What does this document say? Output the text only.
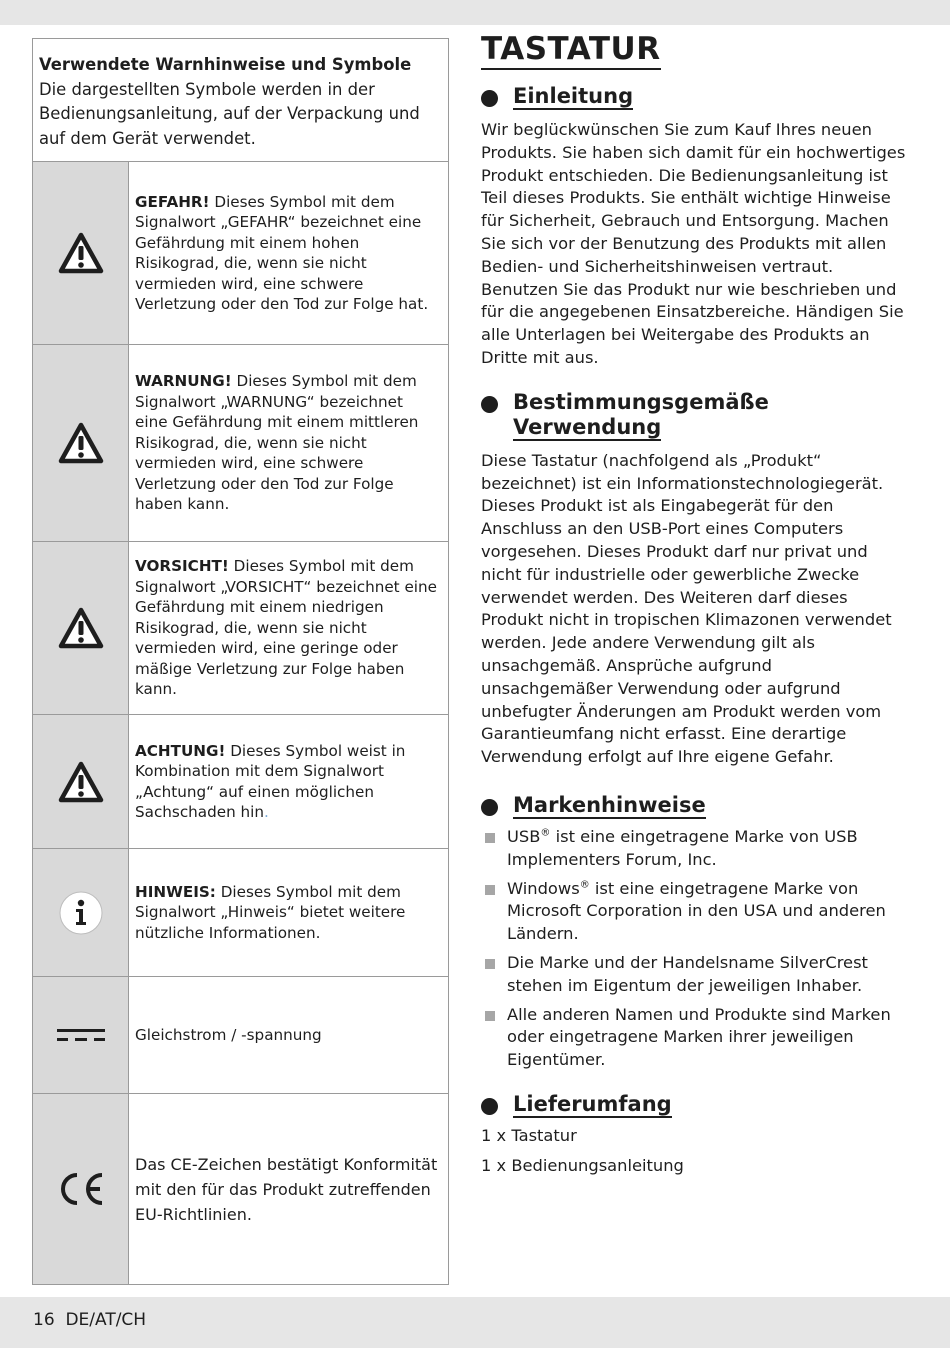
Verwendete Warnhinweise und Symbole
Die dargestellten Symbole werden in der Bedienungsanleitung, auf der Verpackung und auf dem Gerät verwendet.
GEFAHR! Dieses Symbol mit dem Signalwort „GEFAHR“ bezeichnet eine Gefährdung mit einem hohen Risikograd, die, wenn sie nicht vermieden wird, eine schwere Verletzung oder den Tod zur Folge hat.
WARNUNG! Dieses Symbol mit dem Signalwort „WARNUNG“ bezeichnet eine Gefährdung mit einem mittleren Risikograd, die, wenn sie nicht vermieden wird, eine schwere Verletzung oder den Tod zur Folge haben kann.
VORSICHT! Dieses Symbol mit dem Signalwort „VORSICHT“ bezeichnet eine Gefährdung mit einem niedrigen Risikograd, die, wenn sie nicht vermieden wird, eine geringe oder mäßige Verletzung zur Folge haben kann.
ACHTUNG! Dieses Symbol weist in Kombination mit dem Signalwort „Achtung“ auf einen möglichen Sachschaden hin.
HINWEIS: Dieses Symbol mit dem Signalwort „Hinweis“ bietet weitere nützliche Informationen.
Gleichstrom / -spannung
Das CE-Zeichen bestätigt Konformität mit den für das Produkt zutreffenden EU-Richtlinien.
TASTATUR
Einleitung
Wir beglückwünschen Sie zum Kauf Ihres neuen Produkts. Sie haben sich damit für ein hochwertiges Produkt entschieden. Die Bedienungsanleitung ist Teil dieses Produkts. Sie enthält wichtige Hinweise für Sicherheit, Gebrauch und Entsorgung. Machen Sie sich vor der Benutzung des Produkts mit allen Bedien- und Sicherheitshinweisen vertraut. Benutzen Sie das Produkt nur wie beschrieben und für die angegebenen Einsatzbereiche. Händigen Sie alle Unterlagen bei Weitergabe des Produkts an Dritte mit aus.
Bestimmungsgemäße
Verwendung
Diese Tastatur (nachfolgend als „Produkt“ bezeichnet) ist ein Informationstechnologiegerät. Dieses Produkt ist als Eingabegerät für den Anschluss an den USB-Port eines Computers vorgesehen. Dieses Produkt darf nur privat und nicht für industrielle oder gewerbliche Zwecke verwendet werden. Des Weiteren darf dieses Produkt nicht in tropischen Klimazonen verwendet werden. Jede andere Verwendung gilt als unsachgemäß. Ansprüche aufgrund unsachgemäßer Verwendung oder aufgrund unbefugter Änderungen am Produkt werden vom Garantieumfang nicht erfasst. Eine derartige Verwendung erfolgt auf Ihre eigene Gefahr.
Markenhinweise
USB® ist eine eingetragene Marke von USB Implementers Forum, Inc.
Windows® ist eine eingetragene Marke von Microsoft Corporation in den USA und anderen Ländern.
Die Marke und der Handelsname SilverCrest stehen im Eigentum der jeweiligen Inhaber.
Alle anderen Namen und Produkte sind Marken oder eingetragene Marken ihrer jeweiligen Eigentümer.
Lieferumfang
1 x Tastatur
1 x Bedienungsanleitung
16 DE/AT/CH
